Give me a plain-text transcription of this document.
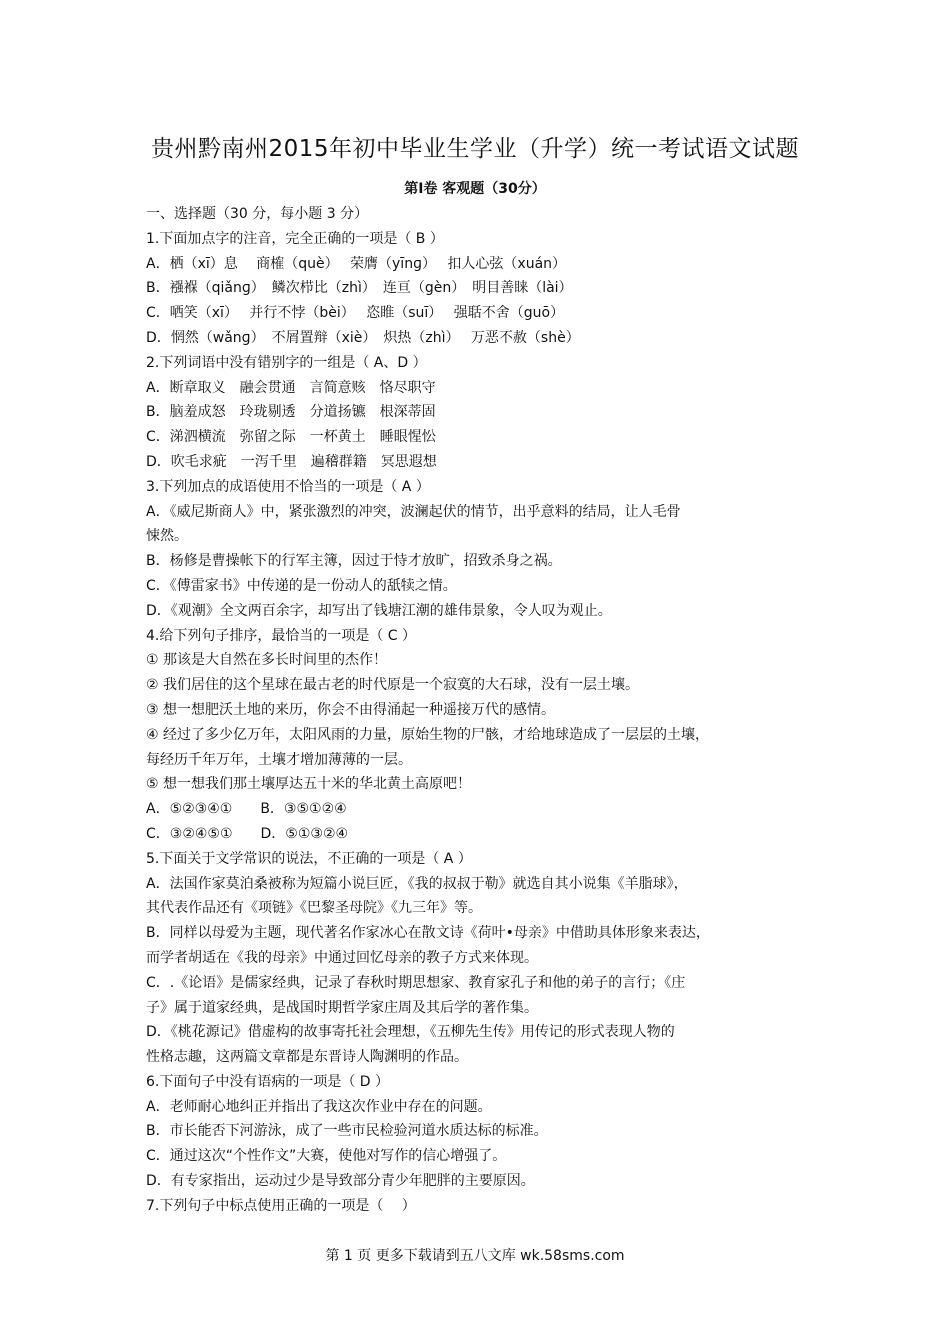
贵州黔南州2015年初中毕业生学业（升学）统一考试语文试题
第Ⅰ卷 客观题（30分）
一、选择题（30 分，每小题 3 分）
1.下面加点字的注音，完全正确的一项是（ B ）
A．栖（xī）息　 商榷（què）　 荣膺（yīnɡ）　 扣人心弦（xuán）
B．襁褓（qiǎnɡ）　鳞次栉比（zhì）　连亘（gèn）　明目善睐（lài）
C．哂笑（xī）　 并行不悖（bèi）　 恣睢（suī）　 强聒不舍（guō）
D．惘然（wǎnɡ）　不屑置辩（xiè）　炽热（zhì）　 万恶不赦（shè）
2.下列词语中没有错别字的一组是（ A、D ）
A．断章取义　融会贯通　言简意赅　恪尽职守
B．脑羞成怒　玲珑剔透　分道扬镳　根深蒂固
C．涕泗横流　弥留之际　一杯黄土　睡眼惺忪
D．吹毛求疵　一泻千里　遍稽群籍　冥思遐想
3.下列加点的成语使用不恰当的一项是（ A ）
A．《威尼斯商人》中，紧张激烈的冲突，波澜起伏的情节，出乎意料的结局，让人毛骨
悚然。
B．杨修是曹操帐下的行军主簿，因过于恃才放旷，招致杀身之祸。
C．《傅雷家书》中传递的是一份动人的舐犊之情。
D．《观潮》全文两百余字，却写出了钱塘江潮的雄伟景象，令人叹为观止。
4.给下列句子排序，最恰当的一项是（ C ）
① 那该是大自然在多长时间里的杰作！
② 我们居住的这个星球在最古老的时代原是一个寂寞的大石球，没有一层土壤。
③ 想一想肥沃土地的来历，你会不由得涌起一种遥接万代的感情。
④ 经过了多少亿万年，太阳风雨的力量，原始生物的尸骸，才给地球造成了一层层的土壤，
每经历千年万年，土壤才增加薄薄的一层。
⑤ 想一想我们那土壤厚达五十米的华北黄土高原吧！
A．⑤②③④①　　B．③⑤①②④
C．③②④⑤①　　D．⑤①③②④
5.下面关于文学常识的说法，不正确的一项是（ A ）
A．法国作家莫泊桑被称为短篇小说巨匠，《我的叔叔于勒》就选自其小说集《羊脂球》，
其代表作品还有《项链》《巴黎圣母院》《九三年》等。
B．同样以母爱为主题，现代著名作家冰心在散文诗《荷叶•母亲》中借助具体形象来表达，
而学者胡适在《我的母亲》中通过回忆母亲的教子方式来体现。
C．.《论语》是儒家经典，记录了春秋时期思想家、教育家孔子和他的弟子的言行；《庄
子》属于道家经典，是战国时期哲学家庄周及其后学的著作集。
D．《桃花源记》借虚构的故事寄托社会理想，《五柳先生传》用传记的形式表现人物的
性格志趣，这两篇文章都是东晋诗人陶渊明的作品。
6.下面句子中没有语病的一项是（ D ）
A．老师耐心地纠正并指出了我这次作业中存在的问题。
B．市长能否下河游泳，成了一些市民检验河道水质达标的标准。
C．通过这次“个性作文”大赛，使他对写作的信心增强了。
D．有专家指出，运动过少是导致部分青少年肥胖的主要原因。
7.下列句子中标点使用正确的一项是（　 ）
第 1 页 更多下载请到五八文库 wk.58sms.com
